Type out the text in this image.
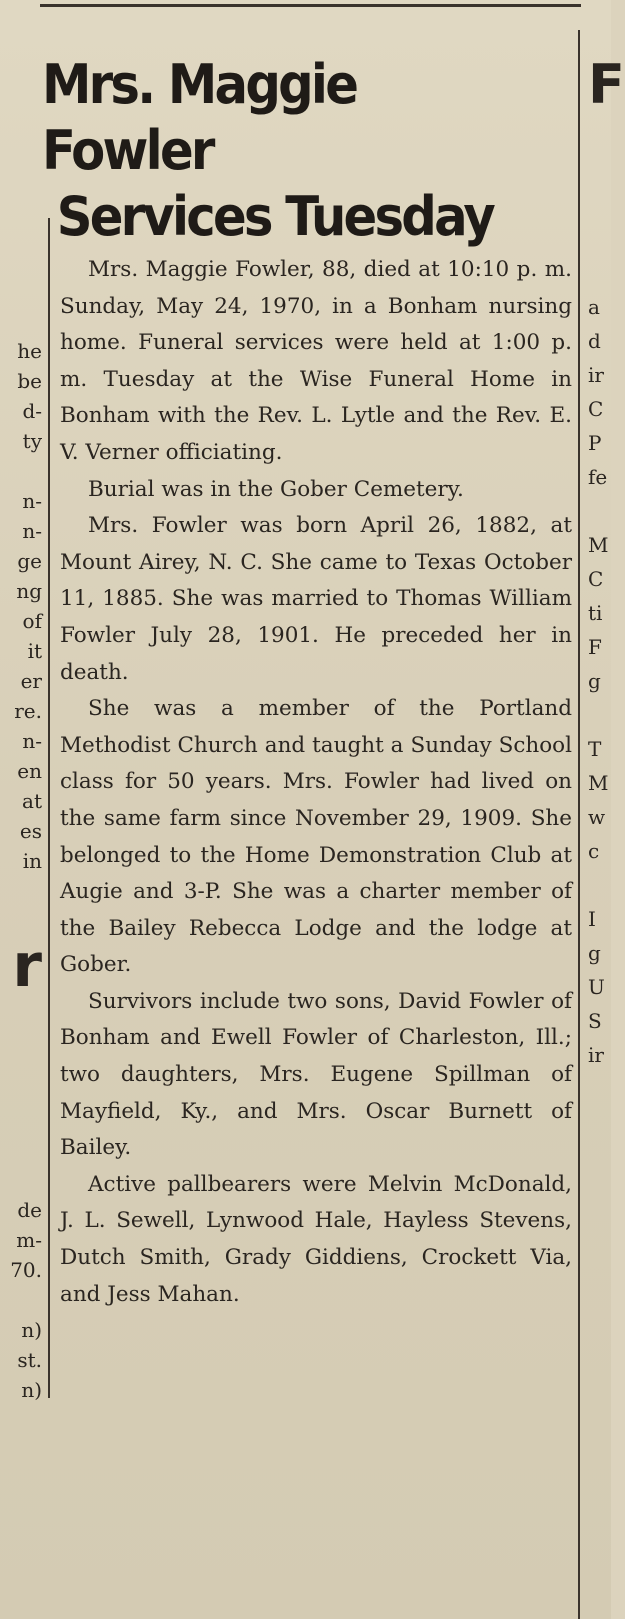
Mrs. Maggie Fowler
Services Tuesday

Mrs. Maggie Fowler, 88, died at 10:10 p. m. Sunday, May 24, 1970, in a Bonham nursing home. Funeral services were held at 1:00 p. m. Tuesday at the Wise Funeral Home in Bonham with the Rev. L. Lytle and the Rev. E. V. Verner officiating.

Burial was in the Gober Cemetery.

Mrs. Fowler was born April 26, 1882, at Mount Airey, N. C. She came to Texas October 11, 1885. She was married to Thomas William Fowler July 28, 1901. He preceded her in death.

She was a member of the Portland Methodist Church and taught a Sunday School class for 50 years. Mrs. Fowler had lived on the same farm since November 29, 1909. She belonged to the Home Demonstration Club at Augie and 3-P. She was a charter member of the Bailey Rebecca Lodge and the lodge at Gober.

Survivors include two sons, David Fowler of Bonham and Ewell Fowler of Charleston, Ill.; two daughters, Mrs. Eugene Spillman of Mayfield, Ky., and Mrs. Oscar Burnett of Bailey.

Active pallbearers were Melvin McDonald, J. L. Sewell, Lynwood Hale, Hayless Stevens, Dutch Smith, Grady Giddiens, Crockett Via, and Jess Mahan.

he
be
d-
ty
n-
n-
ge
ng
of
it
er
re.
n-
en
at
es
in
r
de
m-
70.
n)
st.
n)
F
a
d
ir
C
P
fe
M
C
ti
F
g
T
M
w
c
I
g
U
S
ir
